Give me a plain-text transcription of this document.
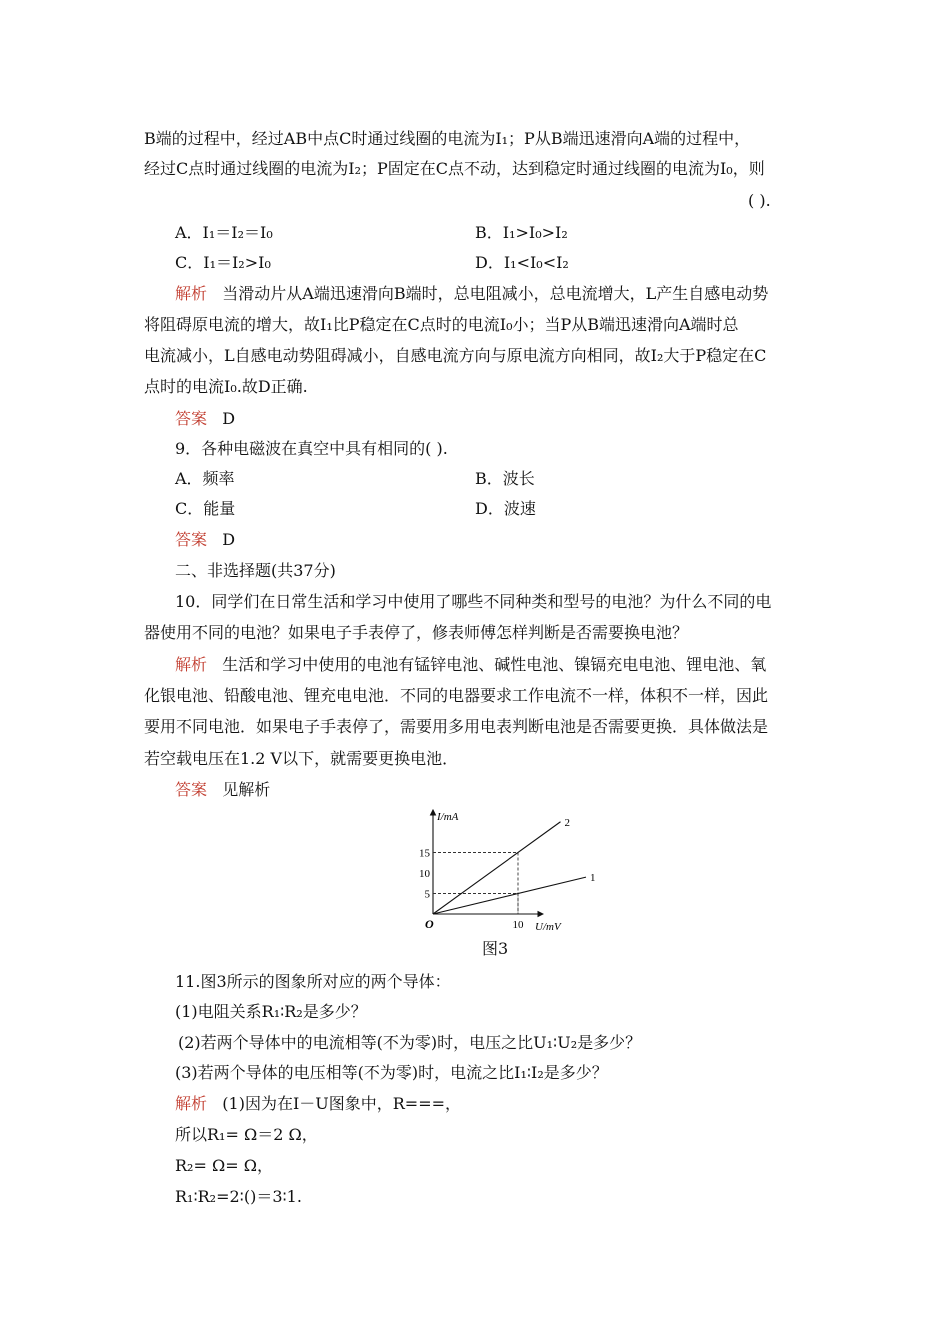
B端的过程中，经过AB中点C时通过线圈的电流为I₁；P从B端迅速滑向A端的过程中，
经过C点时通过线圈的电流为I₂；P固定在C点不动，达到稳定时通过线圈的电流为I₀，则
( ).
A．I₁＝I₂＝I₀	B．I₁>I₀>I₂
C．I₁＝I₂>I₀	D．I₁<I₀<I₂
解析 当滑动片从A端迅速滑向B端时，总电阻减小，总电流增大，L产生自感电动势
将阻碍原电流的增大，故I₁比P稳定在C点时的电流I₀小；当P从B端迅速滑向A端时总
电流减小，L自感电动势阻碍减小，自感电流方向与原电流方向相同，故I₂大于P稳定在C
点时的电流I₀.故D正确.
答案 D
9．各种电磁波在真空中具有相同的( ).
A．频率	B．波长
C．能量	D．波速
答案 D
二、非选择题(共37分)
10．同学们在日常生活和学习中使用了哪些不同种类和型号的电池？为什么不同的电
器使用不同的电池？如果电子手表停了，修表师傅怎样判断是否需要换电池？
解析 生活和学习中使用的电池有锰锌电池、碱性电池、镍镉充电电池、锂电池、氧
化银电池、铅酸电池、锂充电电池．不同的电器要求工作电流不一样，体积不一样，因此
要用不同电池．如果电子手表停了，需要用多用电表判断电池是否需要更换．具体做法是
若空载电压在1.2 V以下，就需要更换电池．
答案 见解析
5
10
15
10
2
1
O
I/mA
U/mV
图3
11.图3所示的图象所对应的两个导体：
(1)电阻关系R₁∶R₂是多少？
(2)若两个导体中的电流相等(不为零)时，电压之比U₁∶U₂是多少？
(3)若两个导体的电压相等(不为零)时，电流之比I₁∶I₂是多少？
解析 (1)因为在I－U图象中，R===，
所以R₁= Ω＝2 Ω，
R₂= Ω= Ω，
R₁∶R₂=2∶()＝3∶1.
